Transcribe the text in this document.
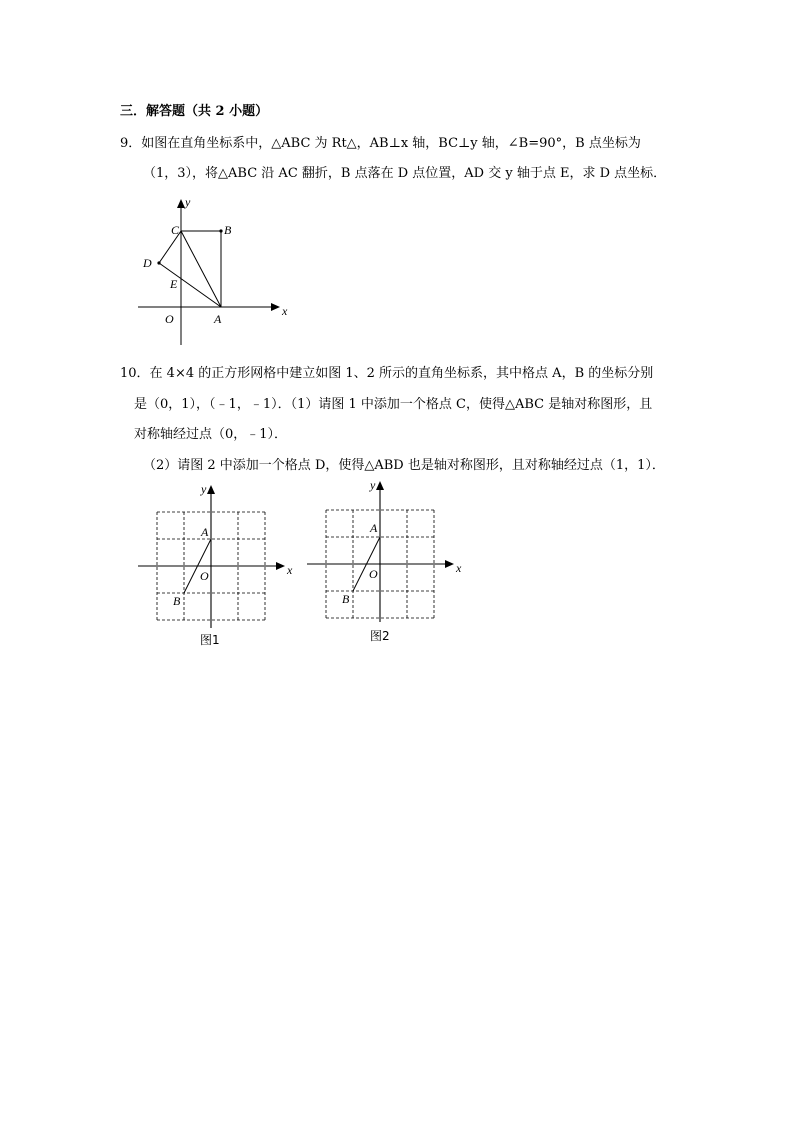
三．解答题（共 2 小题）
9．如图在直角坐标系中，△ABC 为 Rt△，AB⊥x 轴，BC⊥y 轴，∠B=90°，B 点坐标为
（1，3），将△ABC 沿 AC 翻折，B 点落在 D 点位置，AD 交 y 轴于点 E，求 D 点坐标．
y
x
C	B
D
E
O	A
10．在 4×4 的正方形网格中建立如图 1、2 所示的直角坐标系，其中格点 A，B 的坐标分别
是（0，1），（﹣1，﹣1）．（1）请图 1 中添加一个格点 C，使得△ABC 是轴对称图形，且
对称轴经过点（0，﹣1）．
（2）请图 2 中添加一个格点 D，使得△ABD 也是轴对称图形，且对称轴经过点（1，1）．
y
x
A
O
B
图1
y
x
A
O
B
图2
